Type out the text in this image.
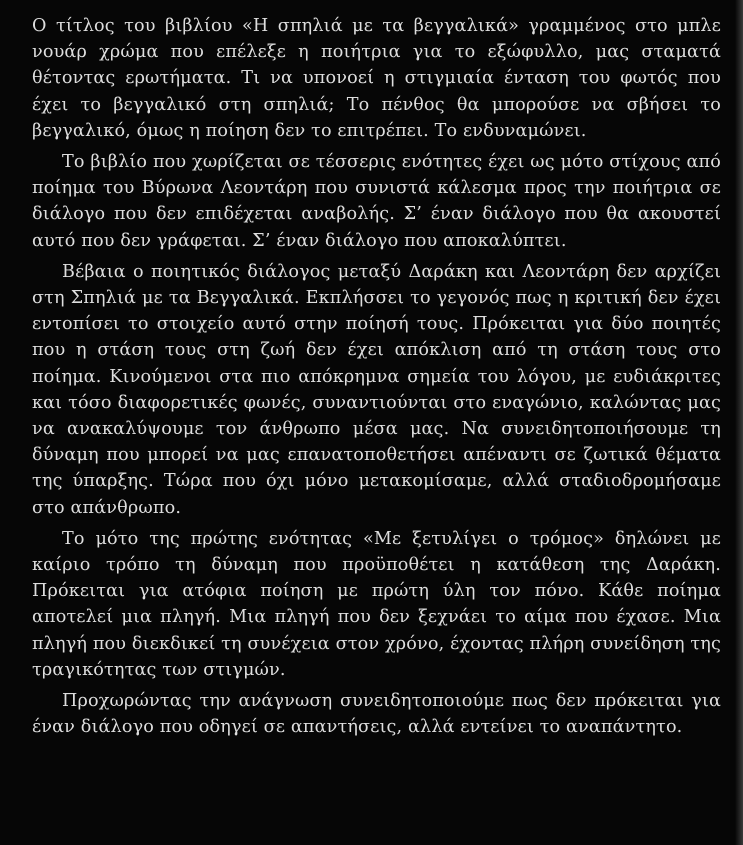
Ο τίτλος του βιβλίου «Η σπηλιά με τα βεγγαλικά» γραμμένος στο μπλε νουάρ χρώμα που επέλεξε η ποιήτρια για το εξώφυλλο, μας σταματά θέτοντας ερωτήματα. Τι να υπονοεί η στιγμιαία ένταση του φωτός που έχει το βεγγαλικό στη σπηλιά; Το πένθος θα μπορούσε να σβήσει το βεγγαλικό, όμως η ποίηση δεν το επιτρέπει. Το ενδυναμώνει.

Το βιβλίο που χωρίζεται σε τέσσερις ενότητες έχει ως μότο στίχους από ποίημα του Βύρωνα Λεοντάρη που συνιστά κάλεσμα προς την ποιήτρια σε διάλογο που δεν επιδέχεται αναβολής. Σ’ έναν διάλογο που θα ακουστεί αυτό που δεν γράφεται. Σ’ έναν διάλογο που αποκαλύπτει.

Βέβαια ο ποιητικός διάλογος μεταξύ Δαράκη και Λεοντάρη δεν αρχίζει στη Σπηλιά με τα Βεγγαλικά. Εκπλήσσει το γεγονός πως η κριτική δεν έχει εντοπίσει το στοιχείο αυτό στην ποίησή τους. Πρόκειται για δύο ποιητές που η στάση τους στη ζωή δεν έχει απόκλιση από τη στάση τους στο ποίημα. Κινούμενοι στα πιο απόκρημνα σημεία του λόγου, με ευδιάκριτες και τόσο διαφορετικές φωνές, συναντιούνται στο εναγώνιο, καλώντας μας να ανακαλύψουμε τον άνθρωπο μέσα μας. Να συνειδητοποιήσουμε τη δύναμη που μπορεί να μας επανατοποθετήσει απέναντι σε ζωτικά θέματα της ύπαρξης. Τώρα που όχι μόνο μετακομίσαμε, αλλά σταδιοδρομήσαμε στο απάνθρωπο.

Το μότο της πρώτης ενότητας «Με ξετυλίγει ο τρόμος» δηλώνει με καίριο τρόπο τη δύναμη που προϋποθέτει η κατάθεση της Δαράκη. Πρόκειται για ατόφια ποίηση με πρώτη ύλη τον πόνο. Κάθε ποίημα αποτελεί μια πληγή. Μια πληγή που δεν ξεχνάει το αίμα που έχασε. Μια πληγή που διεκδικεί τη συνέχεια στον χρόνο, έχοντας πλήρη συνείδηση της τραγικότητας των στιγμών.

Προχωρώντας την ανάγνωση συνειδητοποιούμε πως δεν πρόκειται για έναν διάλογο που οδηγεί σε απαντήσεις, αλλά εντείνει το αναπάντητο.
